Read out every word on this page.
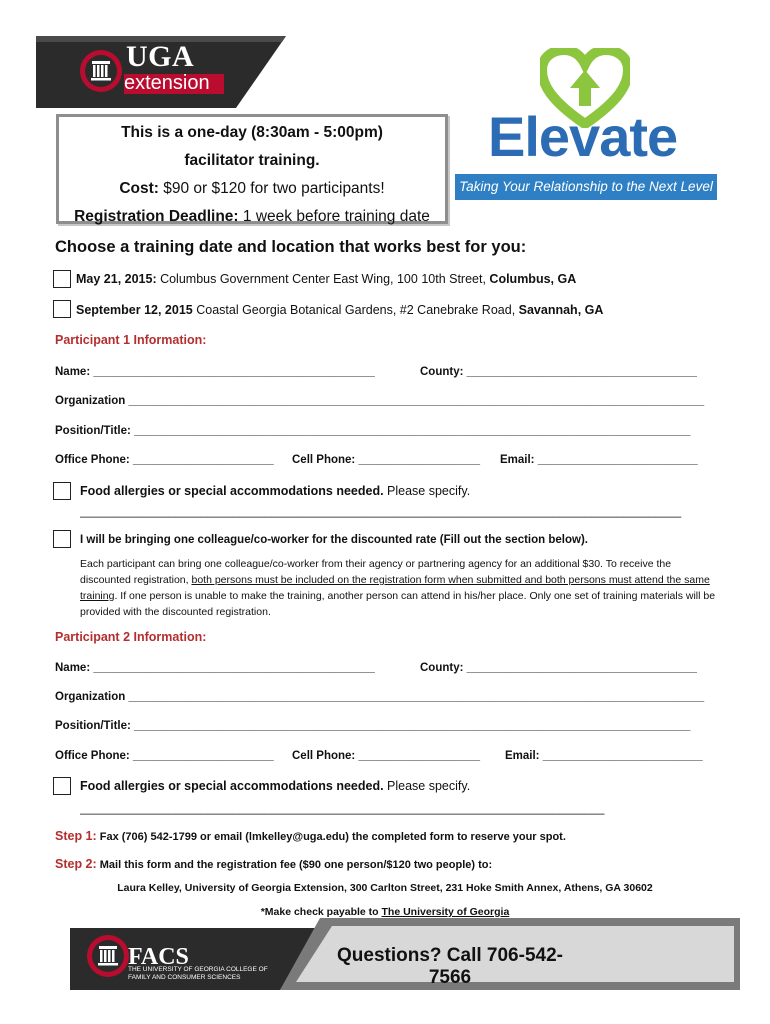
UGA
extension
This is a one-day (8:30am - 5:00pm)
facilitator training.
Cost: $90 or $120 for two participants!
Registration Deadline: 1 week before training date
Elevate
Taking Your Relationship to the Next Level
Choose a training date and location that works best for you:
May 21, 2015: Columbus Government Center East Wing, 100 10th Street, Columbus, GA
September 12, 2015 Coastal Georgia Botanical Gardens, #2 Canebrake Road, Savannah, GA
Participant 1 Information:
Name: ____________________________________________	County: ____________________________________
Organization __________________________________________________________________________________________
Position/Title: _______________________________________________________________________________________
Office Phone: ______________________	Cell Phone: ___________________	Email: _________________________
Food allergies or special accommodations needed. Please specify.
______________________________________________________________________________________________
I will be bringing one colleague/co-worker for the discounted rate (Fill out the section below).
Each participant can bring one colleague/co-worker from their agency or partnering agency for an additional $30. To receive the discounted registration, both persons must be included on the registration form when submitted and both persons must attend the same training. If one person is unable to make the training, another person can attend in his/her place. Only one set of training materials will be provided with the discounted registration.
Participant 2 Information:
Name: ____________________________________________	County: ____________________________________
Organization __________________________________________________________________________________________
Position/Title: _______________________________________________________________________________________
Office Phone: ______________________	Cell Phone: ___________________	Email: _________________________
Food allergies or special accommodations needed. Please specify.
__________________________________________________________________________________
Step 1: Fax (706) 542-1799 or email (lmkelley@uga.edu) the completed form to reserve your spot.
Step 2: Mail this form and the registration fee ($90 one person/$120 two people) to:
Laura Kelley, University of Georgia Extension, 300 Carlton Street, 231 Hoke Smith Annex, Athens, GA 30602
*Make check payable to The University of Georgia
FACS
THE UNIVERSITY OF GEORGIA COLLEGE OF FAMILY AND CONSUMER SCIENCES
Questions? Call 706-542-7566
